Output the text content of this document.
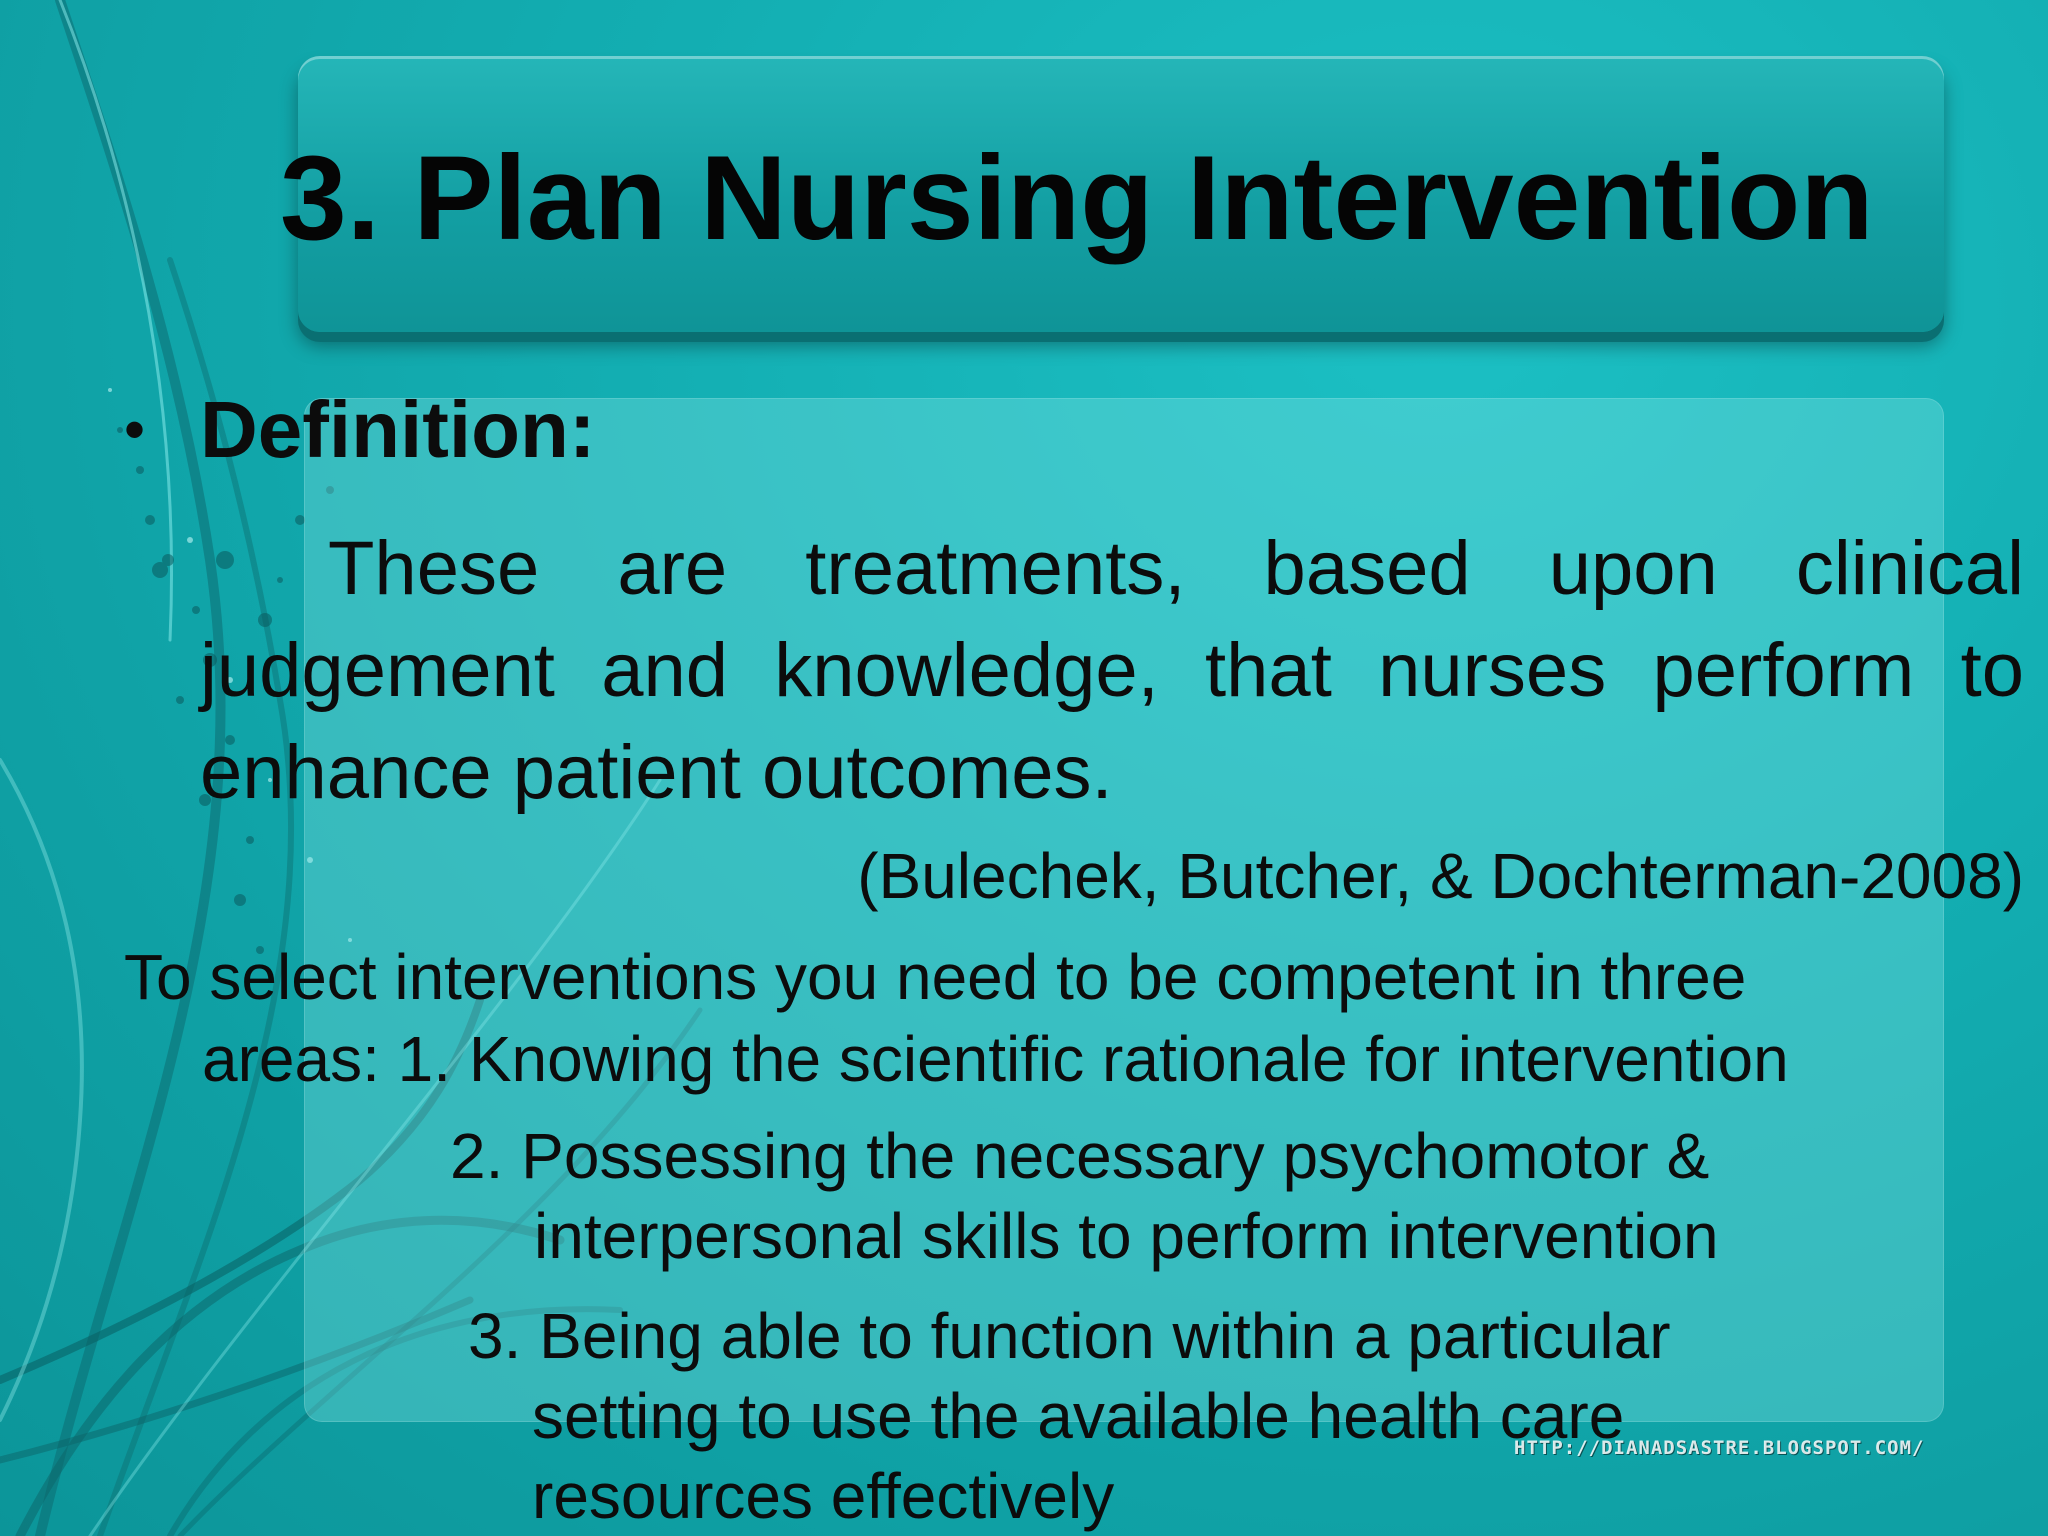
3. Plan Nursing Intervention
• Definition:

These are treatments, based upon clinical judgement and knowledge, that nurses perform to enhance patient outcomes.

(Bulechek, Butcher, & Dochterman-2008)

To select interventions you need to be competent in three
areas: 1. Knowing the scientific rationale for intervention

2. Possessing the necessary psychomotor &
interpersonal skills to perform intervention
3. Being able to function within a particular
setting to use the available health care
resources effectively
HTTP://DIANADSASTRE.BLOGSPOT.COM/
